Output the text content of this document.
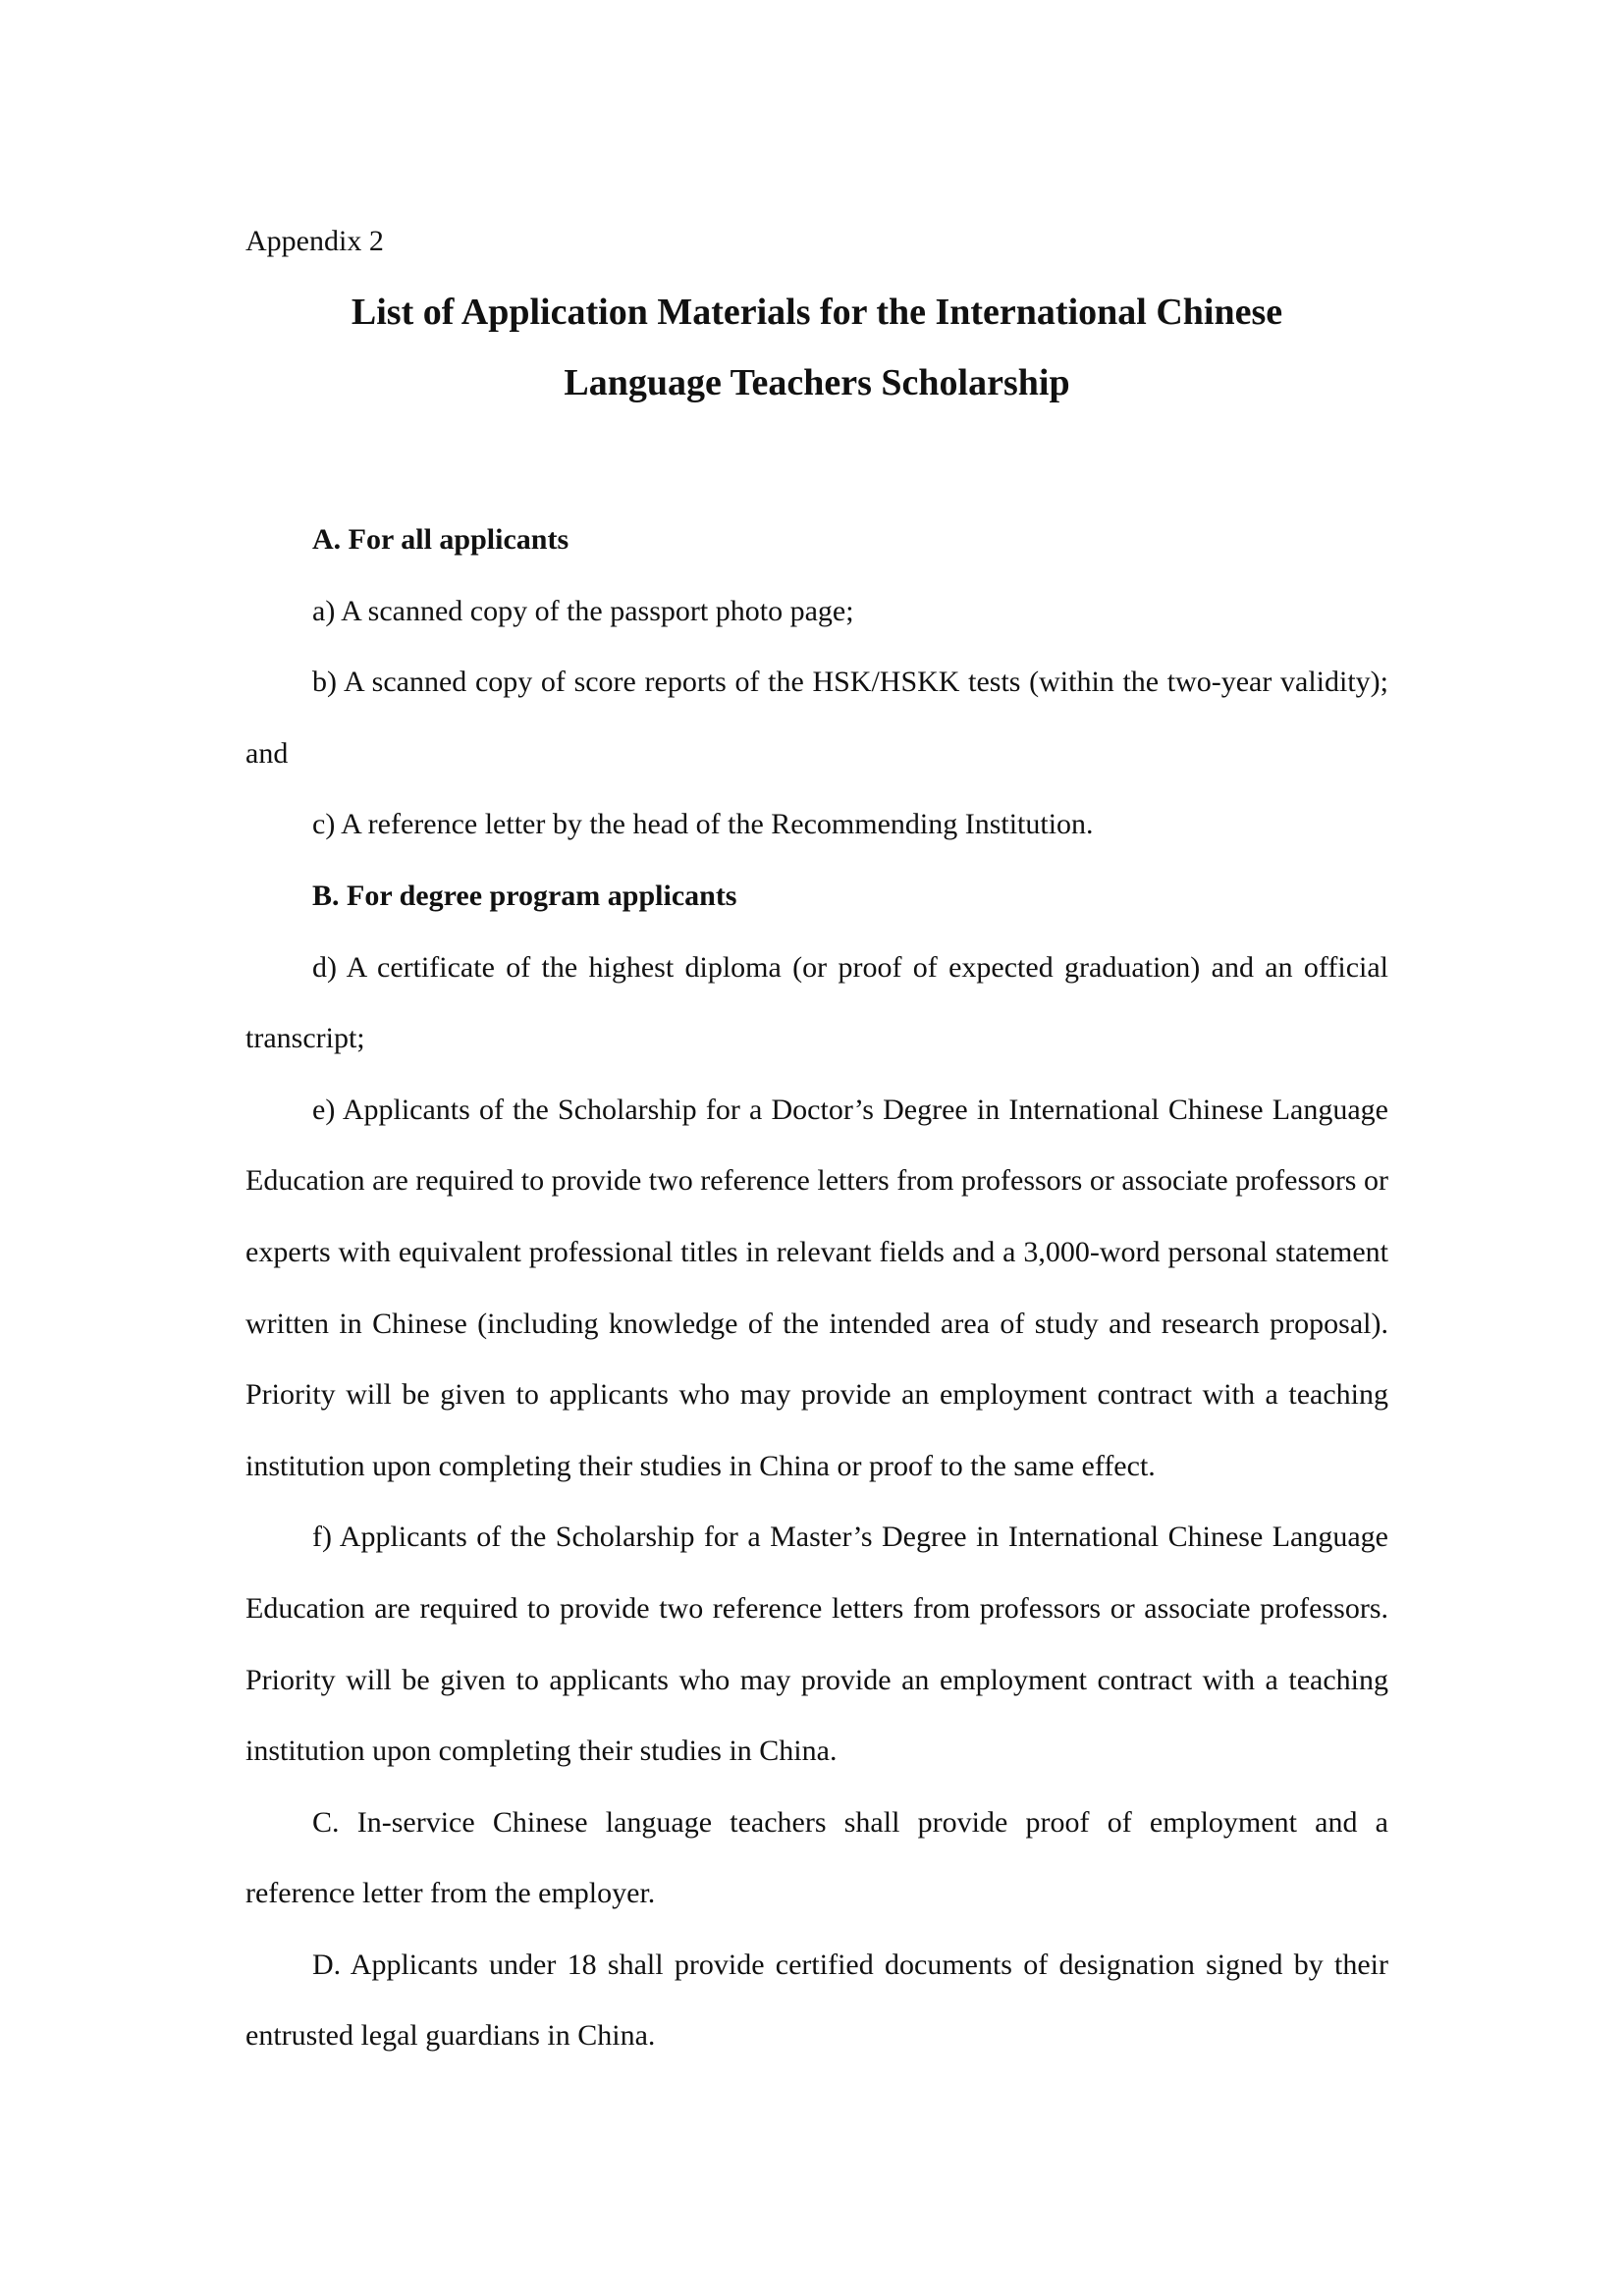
Appendix 2

List of Application Materials for the International Chinese
Language Teachers Scholarship

A. For all applicants

a) A scanned copy of the passport photo page;

b) A scanned copy of score reports of the HSK/HSKK tests (within the two-year validity); and

c) A reference letter by the head of the Recommending Institution.

B. For degree program applicants

d) A certificate of the highest diploma (or proof of expected graduation) and an official transcript;

e) Applicants of the Scholarship for a Doctor’s Degree in International Chinese Language Education are required to provide two reference letters from professors or associate professors or experts with equivalent professional titles in relevant fields and a 3,000-word personal statement written in Chinese (including knowledge of the intended area of study and research proposal). Priority will be given to applicants who may provide an employment contract with a teaching institution upon completing their studies in China or proof to the same effect.

f) Applicants of the Scholarship for a Master’s Degree in International Chinese Language Education are required to provide two reference letters from professors or associate professors. Priority will be given to applicants who may provide an employment contract with a teaching institution upon completing their studies in China.

C. In-service Chinese language teachers shall provide proof of employment and a reference letter from the employer.

D. Applicants under 18 shall provide certified documents of designation signed by their entrusted legal guardians in China.
